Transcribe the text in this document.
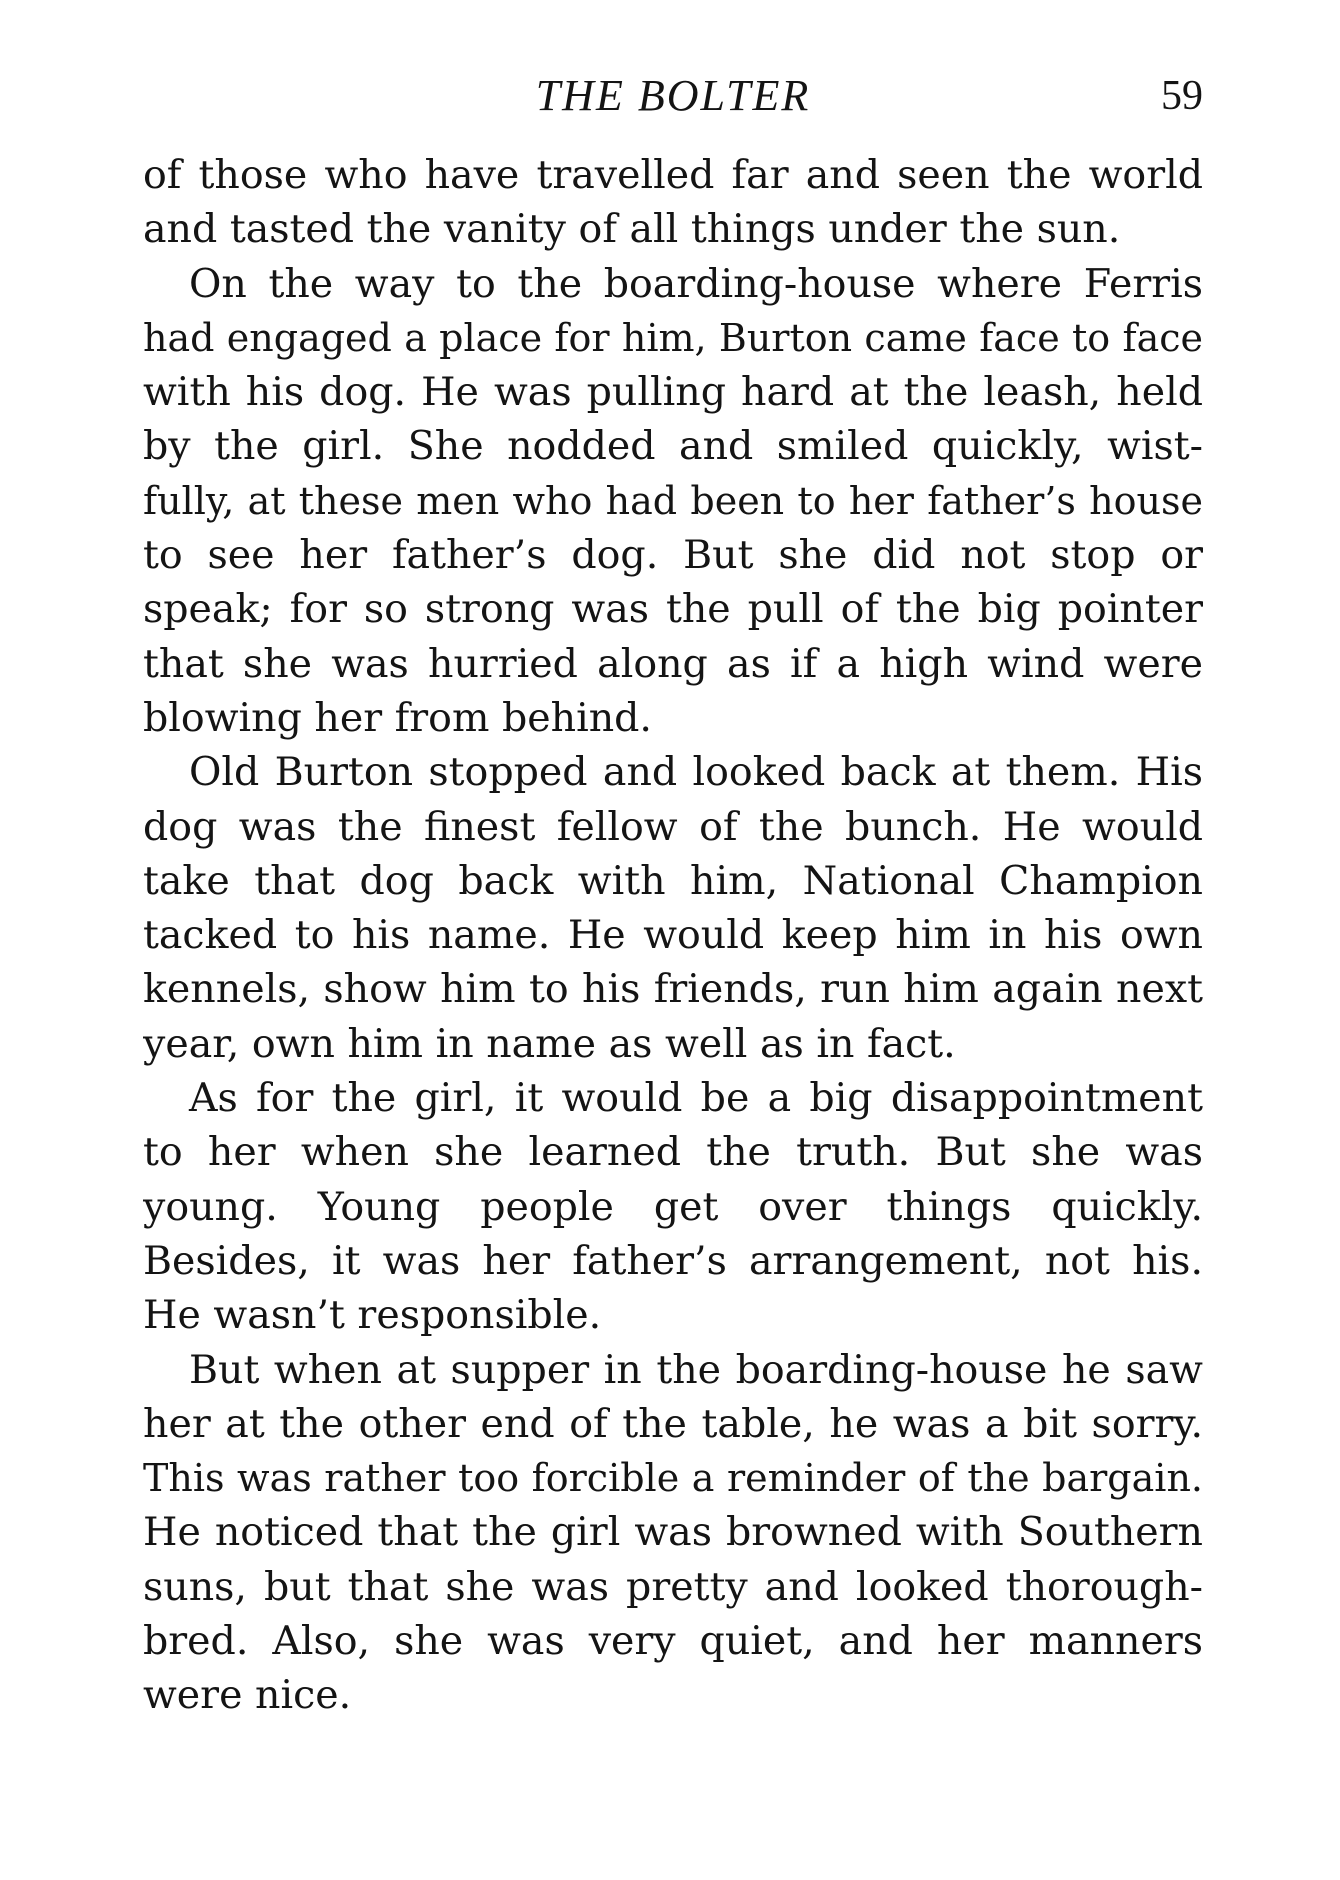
THE BOLTER	59
of those who have travelled far and seen the world
and tasted the vanity of all things under the sun.
On the way to the boarding-house where Ferris
had engaged a place for him, Burton came face to face
with his dog. He was pulling hard at the leash, held
by the girl. She nodded and smiled quickly, wist-
fully, at these men who had been to her father’s house
to see her father’s dog. But she did not stop or
speak; for so strong was the pull of the big pointer
that she was hurried along as if a high wind were
blowing her from behind.
Old Burton stopped and looked back at them. His
dog was the finest fellow of the bunch. He would
take that dog back with him, National Champion
tacked to his name. He would keep him in his own
kennels, show him to his friends, run him again next
year, own him in name as well as in fact.
As for the girl, it would be a big disappointment
to her when she learned the truth. But she was
young. Young people get over things quickly.
Besides, it was her father’s arrangement, not his.
He wasn’t responsible.
But when at supper in the boarding-house he saw
her at the other end of the table, he was a bit sorry.
This was rather too forcible a reminder of the bargain.
He noticed that the girl was browned with Southern
suns, but that she was pretty and looked thorough-
bred. Also, she was very quiet, and her manners
were nice.
